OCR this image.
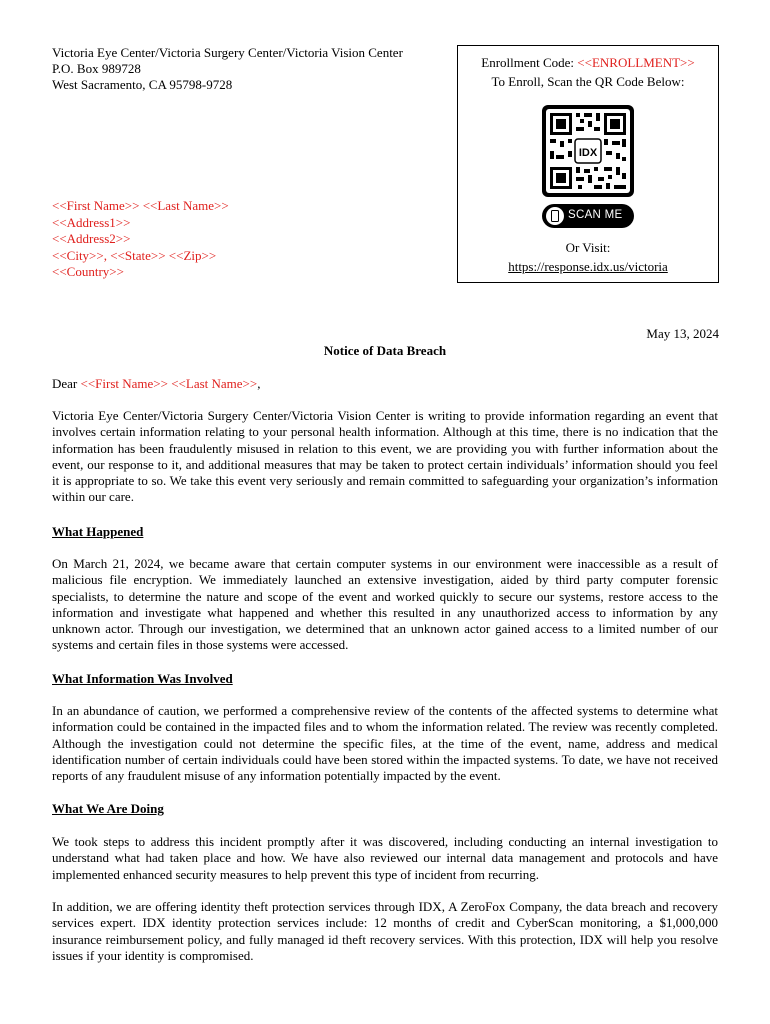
Victoria Eye Center/Victoria Surgery Center/Victoria Vision Center
P.O. Box 989728
West Sacramento, CA 95798-9728
<<First Name>> <<Last Name>>
<<Address1>>
<<Address2>>
<<City>>, <<State>> <<Zip>>
<<Country>>
Enrollment Code: <<ENROLLMENT>>
To Enroll, Scan the QR Code Below:
IDX
SCAN ME
Or Visit:
https://response.idx.us/victoria
May 13, 2024
Notice of Data Breach
Dear <<First Name>> <<Last Name>>,

Victoria Eye Center/Victoria Surgery Center/Victoria Vision Center is writing to provide information regarding an event that involves certain information relating to your personal health information. Although at this time, there is no indication that the information has been fraudulently misused in relation to this event, we are providing you with further information about the event, our response to it, and additional measures that may be taken to protect certain individuals’ information should you feel it is appropriate to so. We take this event very seriously and remain committed to safeguarding your organization’s information within our care.

What Happened

On March 21, 2024, we became aware that certain computer systems in our environment were inaccessible as a result of malicious file encryption. We immediately launched an extensive investigation, aided by third party computer forensic specialists, to determine the nature and scope of the event and worked quickly to secure our systems, restore access to the information and investigate what happened and whether this resulted in any unauthorized access to information by any unknown actor. Through our investigation, we determined that an unknown actor gained access to a limited number of our systems and certain files in those systems were accessed.

What Information Was Involved

In an abundance of caution, we performed a comprehensive review of the contents of the affected systems to determine what information could be contained in the impacted files and to whom the information related. The review was recently completed. Although the investigation could not determine the specific files, at the time of the event, name, address and medical identification number of certain individuals could have been stored within the impacted systems. To date, we have not received reports of any fraudulent misuse of any information potentially impacted by the event.

What We Are Doing

We took steps to address this incident promptly after it was discovered, including conducting an internal investigation to understand what had taken place and how. We have also reviewed our internal data management and protocols and have implemented enhanced security measures to help prevent this type of incident from recurring.

In addition, we are offering identity theft protection services through IDX, A ZeroFox Company, the data breach and recovery services expert. IDX identity protection services include: 12 months of credit and CyberScan monitoring, a $1,000,000 insurance reimbursement policy, and fully managed id theft recovery services. With this protection, IDX will help you resolve issues if your identity is compromised.
